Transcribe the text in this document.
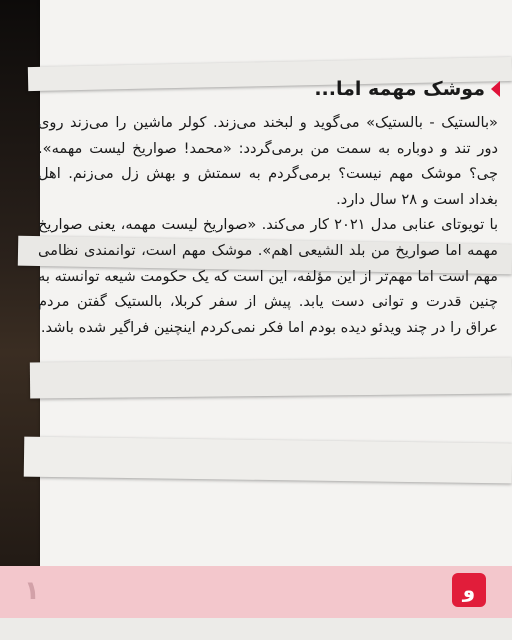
موشک مهمه اما...

«بالستیک - بالستیک» می‌گوید و لبخند می‌زند. کولر ماشین را می‌زند روی دور تند و دوباره به سمت من برمی‌گردد: «محمد! صواریخ لیست مهمه». چی؟ موشک مهم نیست؟ برمی‌گردم به سمتش و بهش زل می‌زنم. اهل بغداد است و ۲۸ سال دارد.

با تویوتای عنابی مدل ۲۰۲۱ کار می‌کند. «صواریخ لیست مهمه، یعنی صواریخ مهمه اما صواریخ من بلد الشیعی اهم». موشک مهم است، توانمندی نظامی مهم است اما مهم‌تر از این مؤلفه، این است که یک حکومت شیعه توانسته به چنین قدرت و توانی دست یابد. پیش از سفر کربلا، بالستیک گفتن مردم عراق را در چند ویدئو دیده بودم اما فکر نمی‌کردم اینچنین فراگیر شده باشد.

۱	و
